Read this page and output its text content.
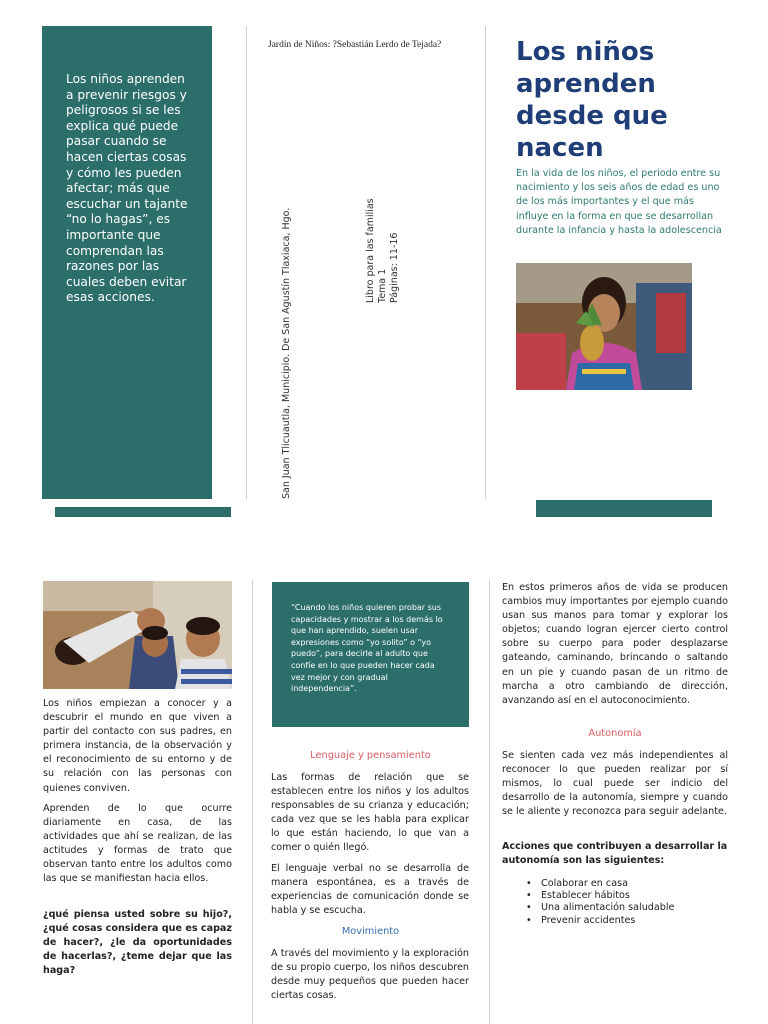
Los niños aprenden a prevenir riesgos y peligrosos si se les explica qué puede pasar cuando se hacen ciertas cosas y cómo les pueden afectar; más que escuchar un tajante “no lo hagas”, es importante que comprendan las razones por las cuales deben evitar esas acciones.

Jardín de Niños: ?Sebastián Lerdo de Tejada?
San Juan Tlicuautla, Municipio. De San Agustín Tlaxiaca, Hgo.	Libro para las familias Tema 1 Páginas: 11-16
Los niños aprenden desde que nacen

En la vida de los niños, el periodo entre su nacimiento y los seis años de edad es uno de los más importantes y el que más influye en la forma en que se desarrollan durante la infancia y hasta la adolescencia

Los niños empiezan a conocer y a descubrir el mundo en que viven a partir del contacto con sus padres, en primera instancia, de la observación y el reconocimiento de su entorno y de su relación con las personas con quienes conviven.

Aprenden de lo que ocurre diariamente en casa, de las actividades que ahí se realizan, de las actitudes y formas de trato que observan tanto entre los adultos como las que se manifiestan hacia ellos.

¿qué piensa usted sobre su hijo?, ¿qué cosas considera que es capaz de hacer?, ¿le da oportunidades de hacerlas?, ¿teme dejar que las haga?

“Cuando los niños quieren probar sus capacidades y mostrar a los demás lo que han aprendido, suelen usar expresiones como “yo solito” o “yo puedo”, para decirle al adulto que confíe en lo que pueden hacer cada vez mejor y con gradual independencia”.

Lenguaje y pensamiento

Las formas de relación que se establecen entre los niños y los adultos responsables de su crianza y educación; cada vez que se les habla para explicar lo que están haciendo, lo que van a comer o quién llegó.

El lenguaje verbal no se desarrolla de manera espontánea, es a través de experiencias de comunicación donde se habla y se escucha.

Movimiento

A través del movimiento y la exploración de su propio cuerpo, los niños descubren desde muy pequeños que pueden hacer ciertas cosas.

En estos primeros años de vida se producen cambios muy importantes por ejemplo cuando usan sus manos para tomar y explorar los objetos; cuando logran ejercer cierto control sobre su cuerpo para poder desplazarse gateando, caminando, brincando o saltando en un pie y cuando pasan de un ritmo de marcha a otro cambiando de dirección, avanzando así en el autoconocimiento.

Autonomía

Se sienten cada vez más independientes al reconocer lo que pueden realizar por sí mismos, lo cual puede ser indicio del desarrollo de la autonomía, siempre y cuando se le aliente y reconozca para seguir adelante.

Acciones que contribuyen a desarrollar la autonomía son las siguientes:

• Colaborar en casa
• Establecer hábitos
• Una alimentación saludable
• Prevenir accidentes
